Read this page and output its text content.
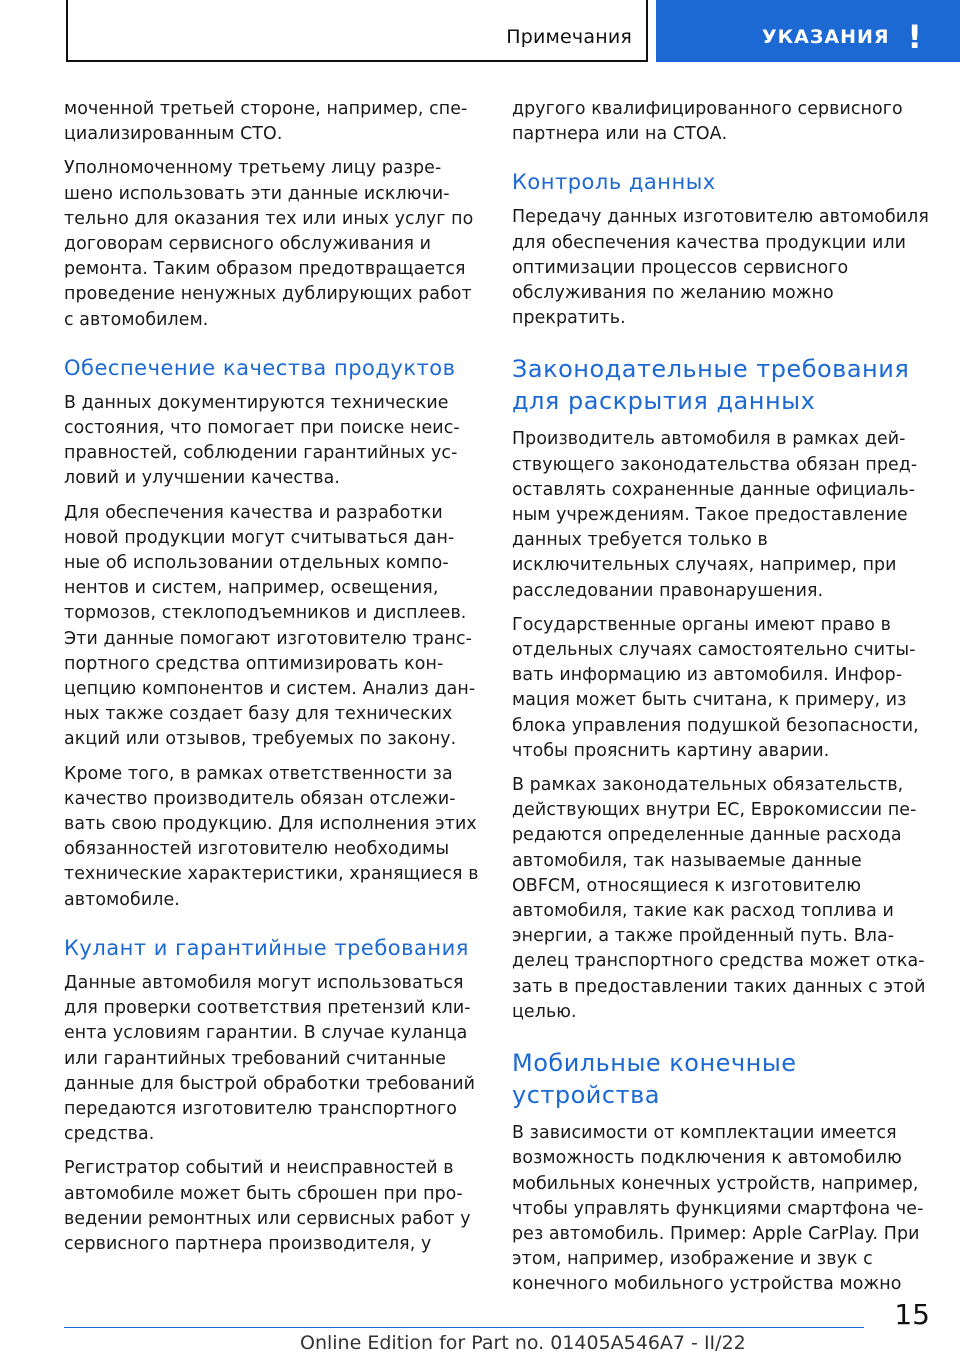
Примечания	УКАЗАНИЯ !

моченной третьей стороне, например, специализированным СТО.

Уполномоченному третьему лицу разрешено использовать эти данные исключительно для оказания тех или иных услуг по договорам сервисного обслуживания и ремонта. Таким образом предотвращается проведение ненужных дублирующих работ с автомобилем.

Обеспечение качества продуктов

В данных документируются технические состояния, что помогает при поиске неисправностей, соблюдении гарантийных условий и улучшении качества.

Для обеспечения качества и разработки новой продукции могут считываться данные об использовании отдельных компонентов и систем, например, освещения, тормозов, стеклоподъемников и дисплеев. Эти данные помогают изготовителю транспортного средства оптимизировать концепцию компонентов и систем. Анализ данных также создает базу для технических акций или отзывов, требуемых по закону.

Кроме того, в рамках ответственности за качество производитель обязан отслеживать свою продукцию. Для исполнения этих обязанностей изготовителю необходимы технические характеристики, хранящиеся в автомобиле.

Кулант и гарантийные требования

Данные автомобиля могут использоваться для проверки соответствия претензий клиента условиям гарантии. В случае куланца или гарантийных требований считанные данные для быстрой обработки требований передаются изготовителю транспортного средства.

Регистратор событий и неисправностей в автомобиле может быть сброшен при проведении ремонтных или сервисных работ у сервисного партнера производителя, у

другого квалифицированного сервисного партнера или на СТОА.

Контроль данных

Передачу данных изготовителю автомобиля для обеспечения качества продукции или оптимизации процессов сервисного обслуживания по желанию можно прекратить.

Законодательные требования для раскрытия данных

Производитель автомобиля в рамках действующего законодательства обязан предоставлять сохраненные данные официальным учреждениям. Такое предоставление данных требуется только в исключительных случаях, например, при расследовании правонарушения.

Государственные органы имеют право в отдельных случаях самостоятельно считывать информацию из автомобиля. Информация может быть считана, к примеру, из блока управления подушкой безопасности, чтобы прояснить картину аварии.

В рамках законодательных обязательств, действующих внутри ЕС, Еврокомиссии передаются определенные данные расхода автомобиля, так называемые данные OBFCM, относящиеся к изготовителю автомобиля, такие как расход топлива и энергии, а также пройденный путь. Владелец транспортного средства может отказать в предоставлении таких данных с этой целью.

Мобильные конечные устройства

В зависимости от комплектации имеется возможность подключения к автомобилю мобильных конечных устройств, например, чтобы управлять функциями смартфона через автомобиль. Пример: Apple CarPlay. При этом, например, изображение и звук с конечного мобильного устройства можно

15
Online Edition for Part no. 01405A546A7 - II/22
